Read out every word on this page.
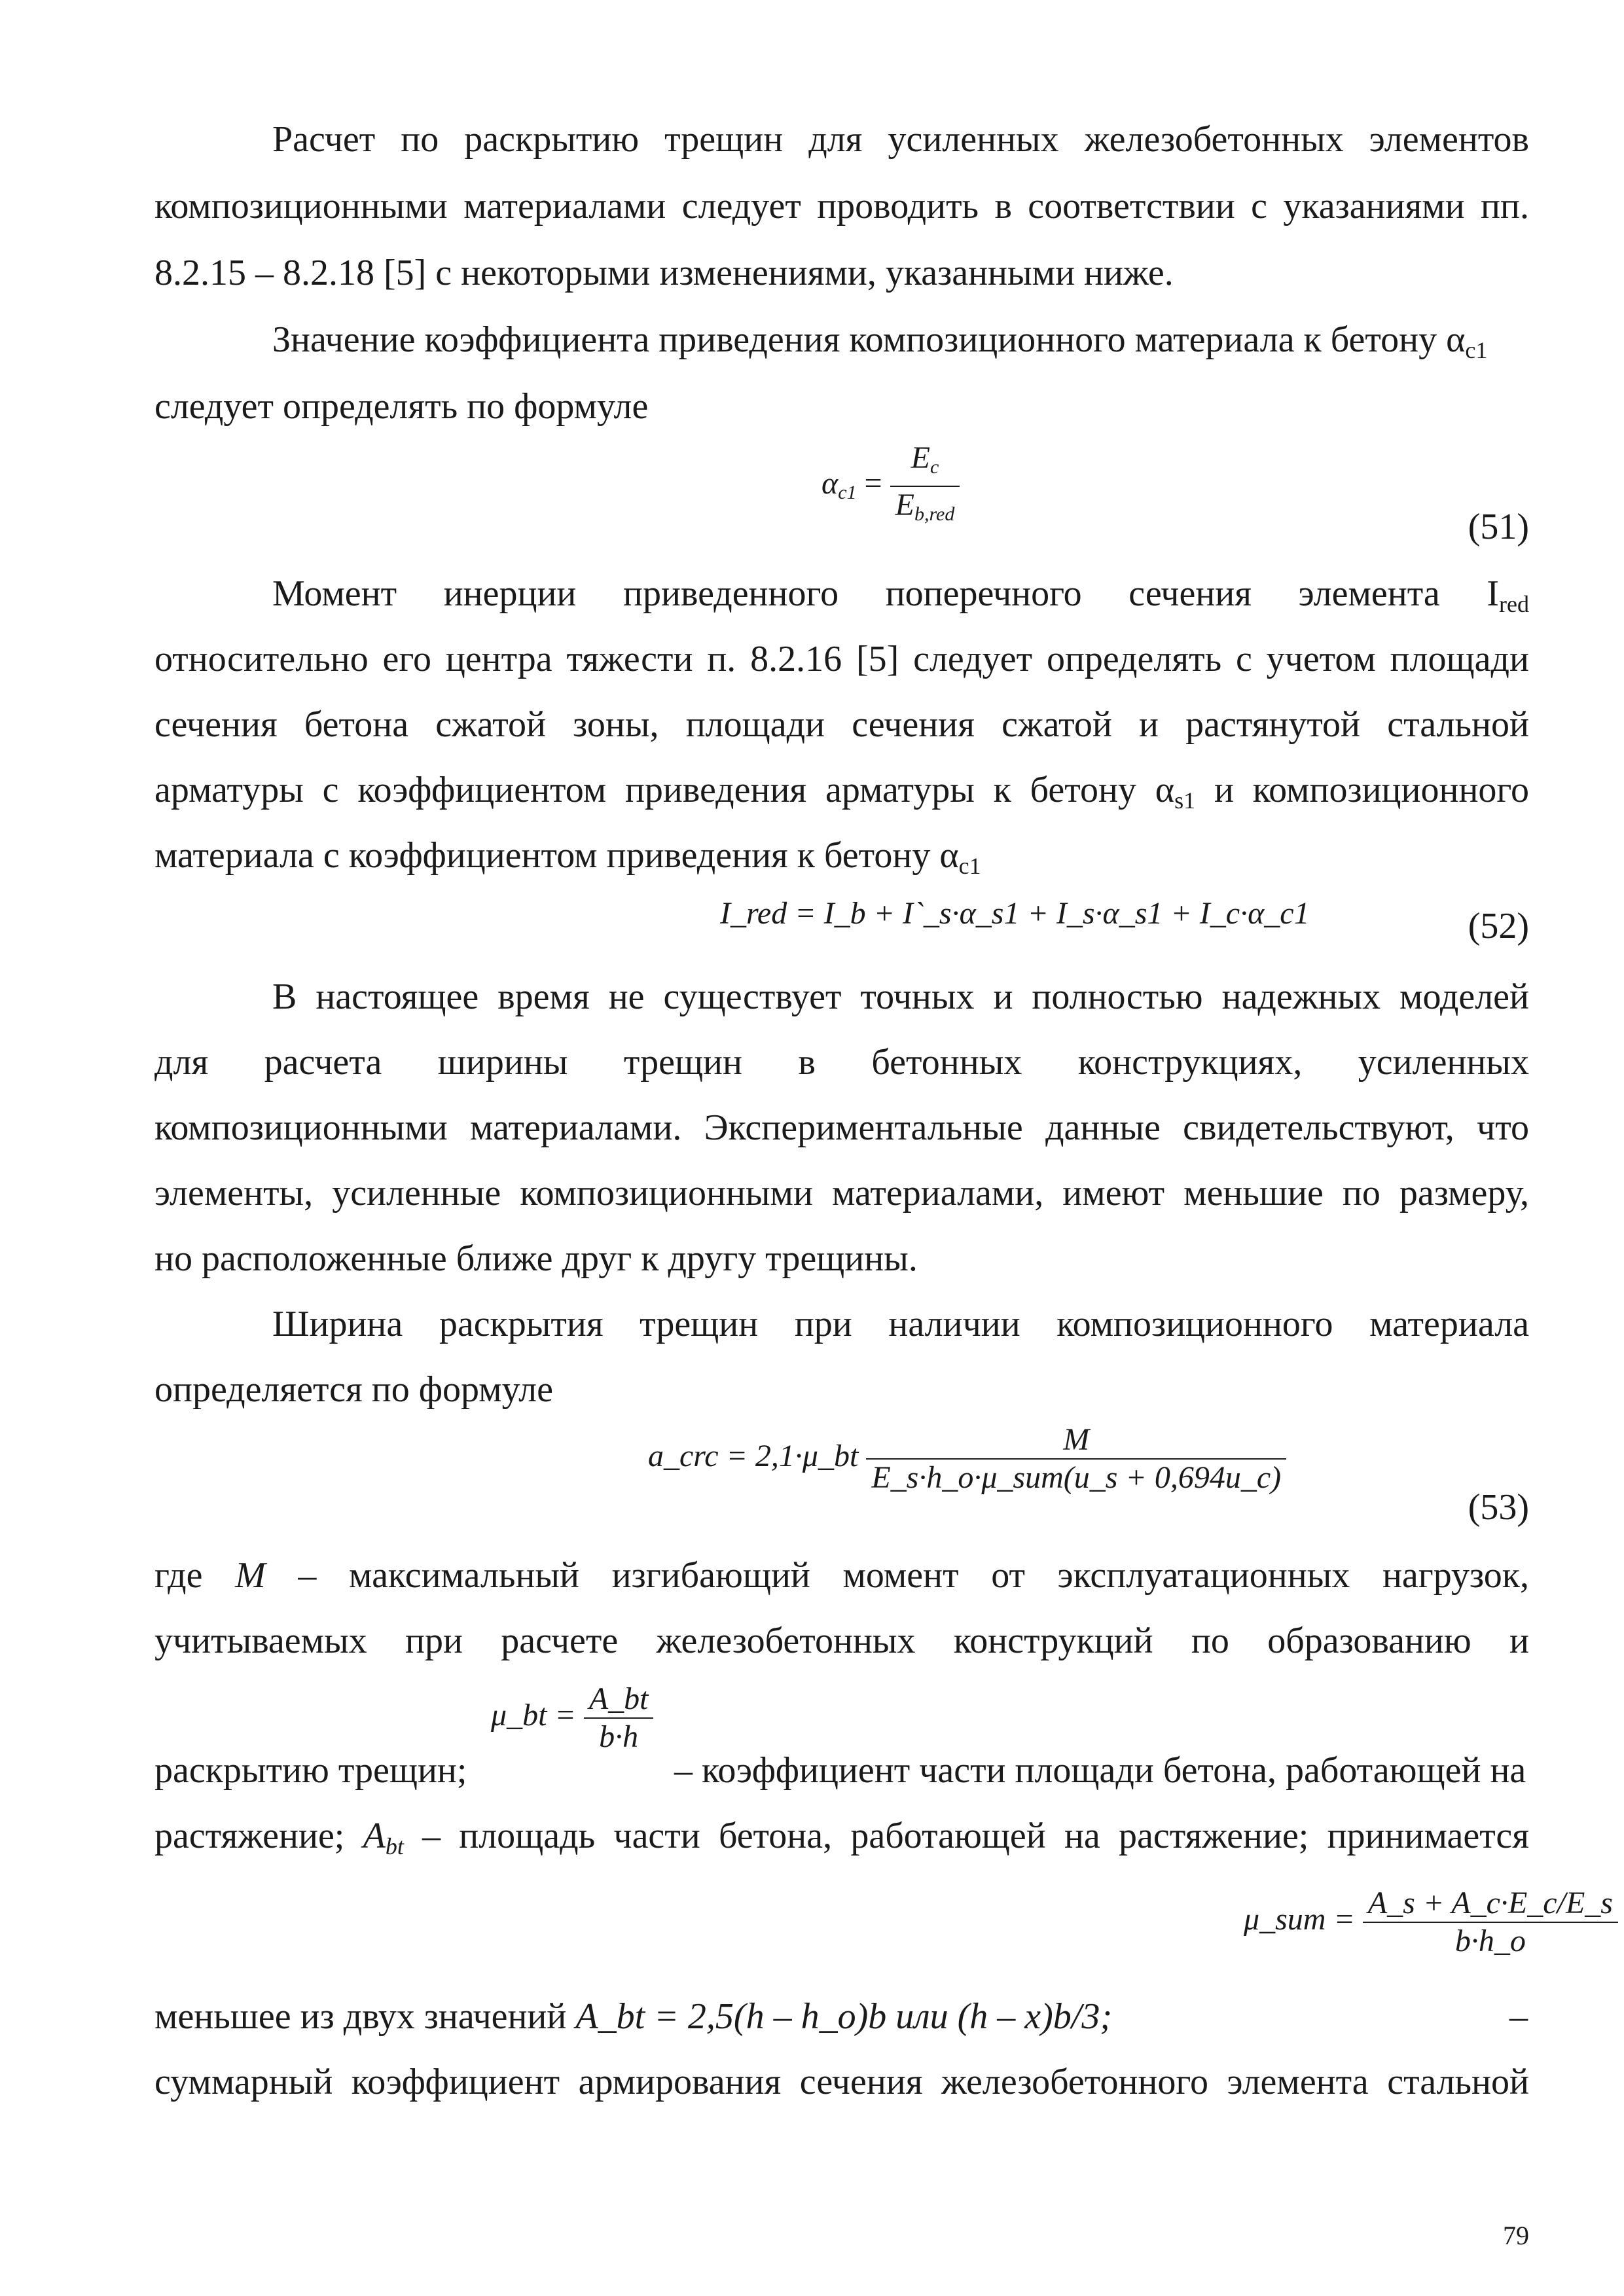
Расчет по раскрытию трещин для усиленных железобетонных элементов
композиционными материалами следует проводить в соответствии с указаниями пп.
8.2.15 – 8.2.18 [5] с некоторыми изменениями, указанными ниже.
Значение коэффициента приведения композиционного материала к бетону $\alpha_{c1}$
следует определять по формуле
$\alpha c1 = \frac{Ec}{\text{Eb,red}}$	(51)
Момент инерции приведенного поперечного сечения элемента $I_{red}$
относительно его центра тяжести п. 8.2.16 [5] следует определять с учетом площади
сечения бетона сжатой зоны, площади сечения сжатой и растянутой стальной
арматуры с коэффициентом приведения арматуры к бетону $\alpha_{s1}$ и композиционного
материала с коэффициентом приведения к бетону $\alpha_{c1}$
I_red = I_b + I`_s·α_s1 + I_s·α_s1 + I_c·α_c1	(52)
В настоящее время не существует точных и полностью надежных моделей
для расчета ширины трещин в бетонных конструкциях, усиленных
композиционными материалами. Экспериментальные данные свидетельствуют, что
элементы, усиленные композиционными материалами, имеют меньшие по размеру,
но расположенные ближе друг к другу трещины.
Ширина раскрытия трещин при наличии композиционного материала
определяется по формуле
a_crc = 2,1·μ_bt $\frac{M}{\text{E\_s·h\_o·μ\_sum(u\_s + 0,694u\_c)}}$
(53)
где M – максимальный изгибающий момент от эксплуатационных нагрузок,
учитываемых при расчете железобетонных конструкций по образованию и
μ_bt = $\frac{A\_bt}{b\cdot h}$
раскрытию трещин;	– коэффициент части площади бетона, работающей на
растяжение; $A_{bt}$ – площадь части бетона, работающей на растяжение; принимается
μ_sum = $\frac{A\_s + A\_c\cdot E\_c/E\_s}{b\cdot h\_o}$
меньшее из двух значений A_bt = 2,5(h – h_o)b или (h – x)b/3;	–
суммарный коэффициент армирования сечения железобетонного элемента стальной
79
